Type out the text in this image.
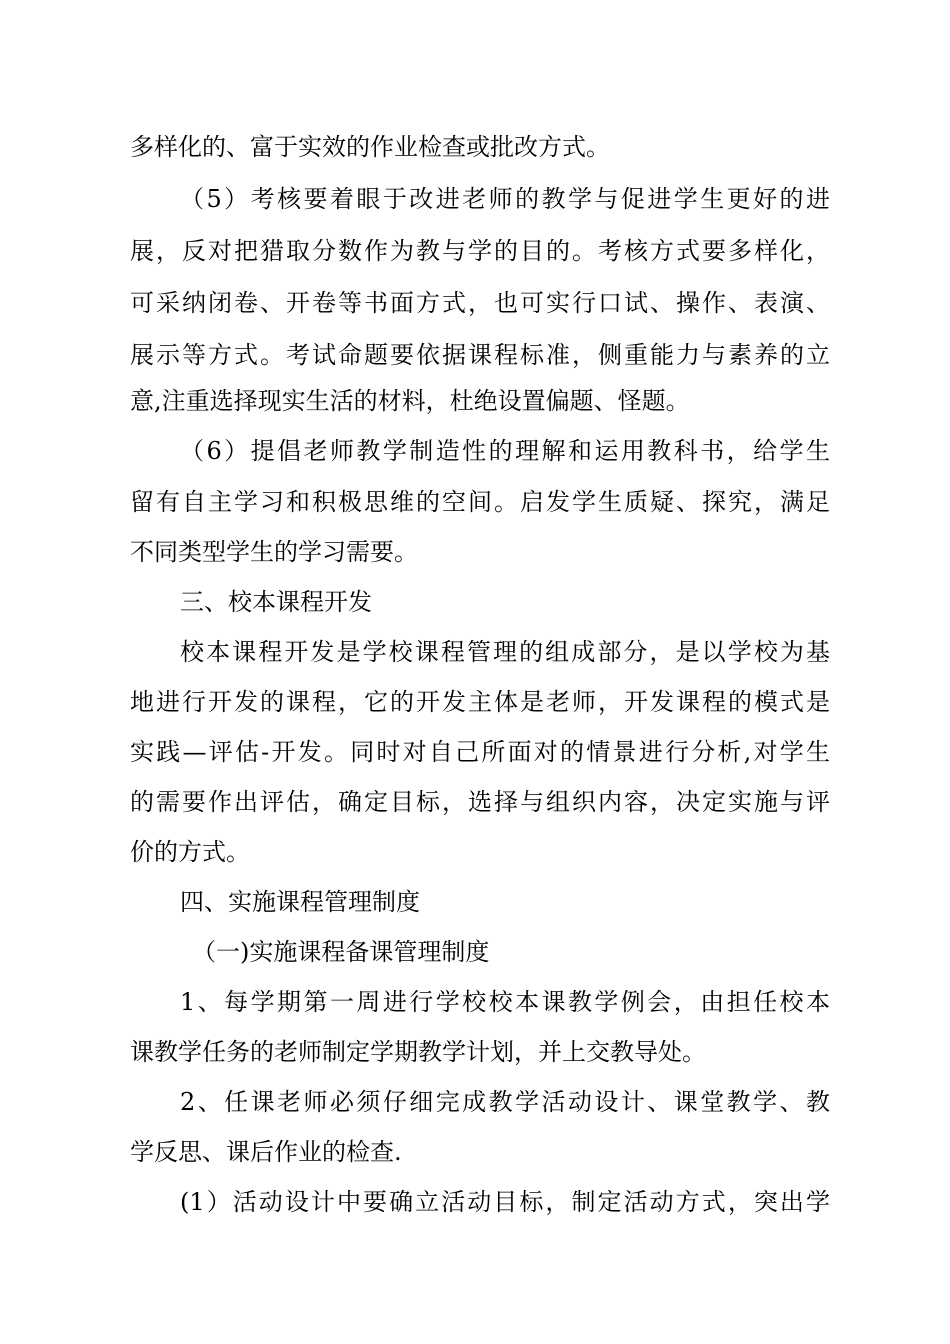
多样化的、富于实效的作业检查或批改方式。
（5）考核要着眼于改进老师的教学与促进学生更好的进
展，反对把猎取分数作为教与学的目的。考核方式要多样化，
可采纳闭卷、开卷等书面方式，也可实行口试、操作、表演、
展示等方式。考试命题要依据课程标准，侧重能力与素养的立
意,注重选择现实生活的材料，杜绝设置偏题、怪题。
（6）提倡老师教学制造性的理解和运用教科书，给学生
留有自主学习和积极思维的空间。启发学生质疑、探究，满足
不同类型学生的学习需要。
三、校本课程开发
校本课程开发是学校课程管理的组成部分，是以学校为基
地进行开发的课程，它的开发主体是老师，开发课程的模式是
实践—评估-开发。同时对自己所面对的情景进行分析,对学生
的需要作出评估，确定目标，选择与组织内容，决定实施与评
价的方式。
四、实施课程管理制度
（一)实施课程备课管理制度
1、每学期第一周进行学校校本课教学例会，由担任校本
课教学任务的老师制定学期教学计划，并上交教导处。
2、任课老师必须仔细完成教学活动设计、课堂教学、教
学反思、课后作业的检查.
(1）活动设计中要确立活动目标，制定活动方式，突出学
